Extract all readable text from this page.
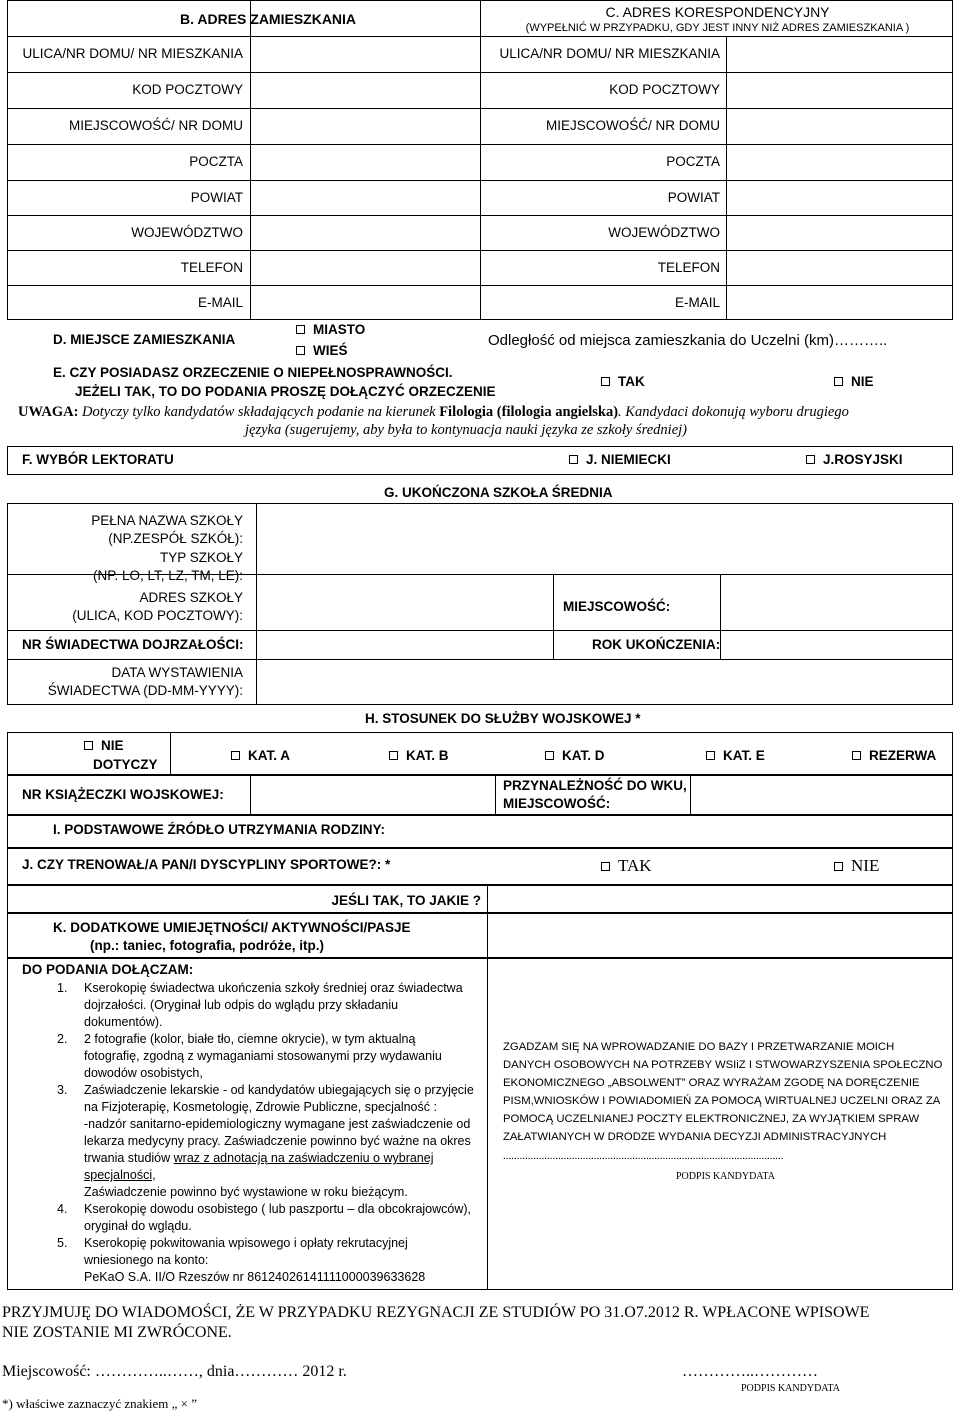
B. ADRES ZAMIESZKANIA	C. ADRES KORESPONDENCYJNY
(WYPEŁNIĆ W PRZYPADKU, GDY JEST INNY NIŻ ADRES ZAMIESZKANIA )
ULICA/NR DOMU/ NR MIESZKANIA	ULICA/NR DOMU/ NR MIESZKANIA
KOD POCZTOWY	KOD POCZTOWY
MIEJSCOWOŚĆ/ NR DOMU	MIEJSCOWOŚĆ/ NR DOMU
POCZTA	POCZTA
POWIAT	POWIAT
WOJEWÓDZTWO	WOJEWÓDZTWO
TELEFON	TELEFON
E-MAIL	E-MAIL
D. MIEJSCE ZAMIESZKANIA
MIASTO
WIEŚ
Odległość od miejsca zamieszkania do Uczelni (km)………..
E. CZY POSIADASZ ORZECZENIE O NIEPEŁNOSPRAWNOŚCI.
JEŻELI TAK, TO DO PODANIA PROSZĘ DOŁĄCZYĆ ORZECZENIE
TAK	NIE
UWAGA: Dotyczy tylko kandydatów składających podanie na kierunek Filologia (filologia angielska). Kandydaci dokonują wyboru drugiego
języka (sugerujemy, aby była to kontynuacja nauki języka ze szkoły średniej)
F. WYBÓR LEKTORATU	J. NIEMIECKI	J.ROSYJSKI
G. UKOŃCZONA SZKOŁA ŚREDNIA
PEŁNA NAZWA SZKOŁY
(NP.ZESPÓŁ SZKÓŁ):
TYP SZKOŁY
(NP. LO, LT, LZ, TM, LE):
ADRES SZKOŁY
(ULICA, KOD POCZTOWY):
MIEJSCOWOŚĆ:
NR ŚWIADECTWA DOJRZAŁOŚCI:	ROK UKOŃCZENIA:
DATA WYSTAWIENIA
ŚWIADECTWA (DD-MM-YYYY):
H. STOSUNEK DO SŁUŻBY WOJSKOWEJ *
NIE
DOTYCZY
KAT. A	KAT. B	KAT. D	KAT. E	REZERWA
NR KSIĄŻECZKI WOJSKOWEJ:
PRZYNALEŻNOŚĆ DO WKU,
MIEJSCOWOŚĆ:
I. PODSTAWOWE ŹRÓDŁO UTRZYMANIA RODZINY:
J. CZY TRENOWAŁ/A PAN/I DYSCYPLINY SPORTOWE?: *	TAK	NIE
JEŚLI TAK, TO JAKIE ?
K. DODATKOWE UMIEJĘTNOŚCI/ AKTYWNOŚCI/PASJE
(np.: taniec, fotografia, podróże, itp.)
DO PODANIA DOŁĄCZAM:
1. Kserokopię świadectwa ukończenia szkoły średniej oraz świadectwa
dojrzałości. (Oryginał lub odpis do wglądu przy składaniu
dokumentów).
2. 2 fotografie (kolor, białe tło, ciemne okrycie), w tym aktualną
fotografię, zgodną z wymaganiami stosowanymi przy wydawaniu
dowodów osobistych,
3. Zaświadczenie lekarskie - od kandydatów ubiegających się o przyjęcie
na Fizjoterapię, Kosmetologię, Zdrowie Publiczne, specjalność :
-nadzór sanitarno-epidemiologiczny wymagane jest zaświadczenie od
lekarza medycyny pracy. Zaświadczenie powinno być ważne na okres
trwania studiów wraz z adnotacją na zaświadczeniu o wybranej
specjalności,
Zaświadczenie powinno być wystawione w roku bieżącym.
4. Kserokopię dowodu osobistego ( lub paszportu – dla obcokrajowców),
oryginał do wglądu.
5. Kserokopię pokwitowania wpisowego i opłaty rekrutacyjnej
wniesionego na konto:
PeKaO S.A. II/O Rzeszów nr 86124026141111000039633628
ZGADZAM SIĘ NA WPROWADZANIE DO BAZY I PRZETWARZANIE MOICH
DANYCH OSOBOWYCH NA POTRZEBY WSIiZ I STWOWARZYSZENIA SPOŁECZNO
EKONOMICZNEGO „ABSOLWENT” ORAZ WYRAŻAM ZGODĘ NA DORĘCZENIE
PISM,WNIOSKÓW I POWIADOMIEŃ ZA POMOCĄ WIRTUALNEJ UCZELNI ORAZ ZA
POMOCĄ UCZELNIANEJ POCZTY ELEKTRONICZNEJ, ZA WYJĄTKIEM SPRAW
ZAŁATWIANYCH W DRODZE WYDANIA DECYZJI ADMINISTRACYJNYCH
......................................................................................................
PODPIS KANDYDATA
PRZYJMUJĘ DO WIADOMOŚCI, ŻE W PRZYPADKU REZYGNACJI ZE STUDIÓW PO 31.O7.2012 R. WPŁACONE WPISOWE
NIE ZOSTANIE MI ZWRÓCONE.
Miejscowość: …………..……, dnia………… 2012 r.	…………..…………
PODPIS KANDYDATA
*) właściwe zaznaczyć znakiem „ × ”
